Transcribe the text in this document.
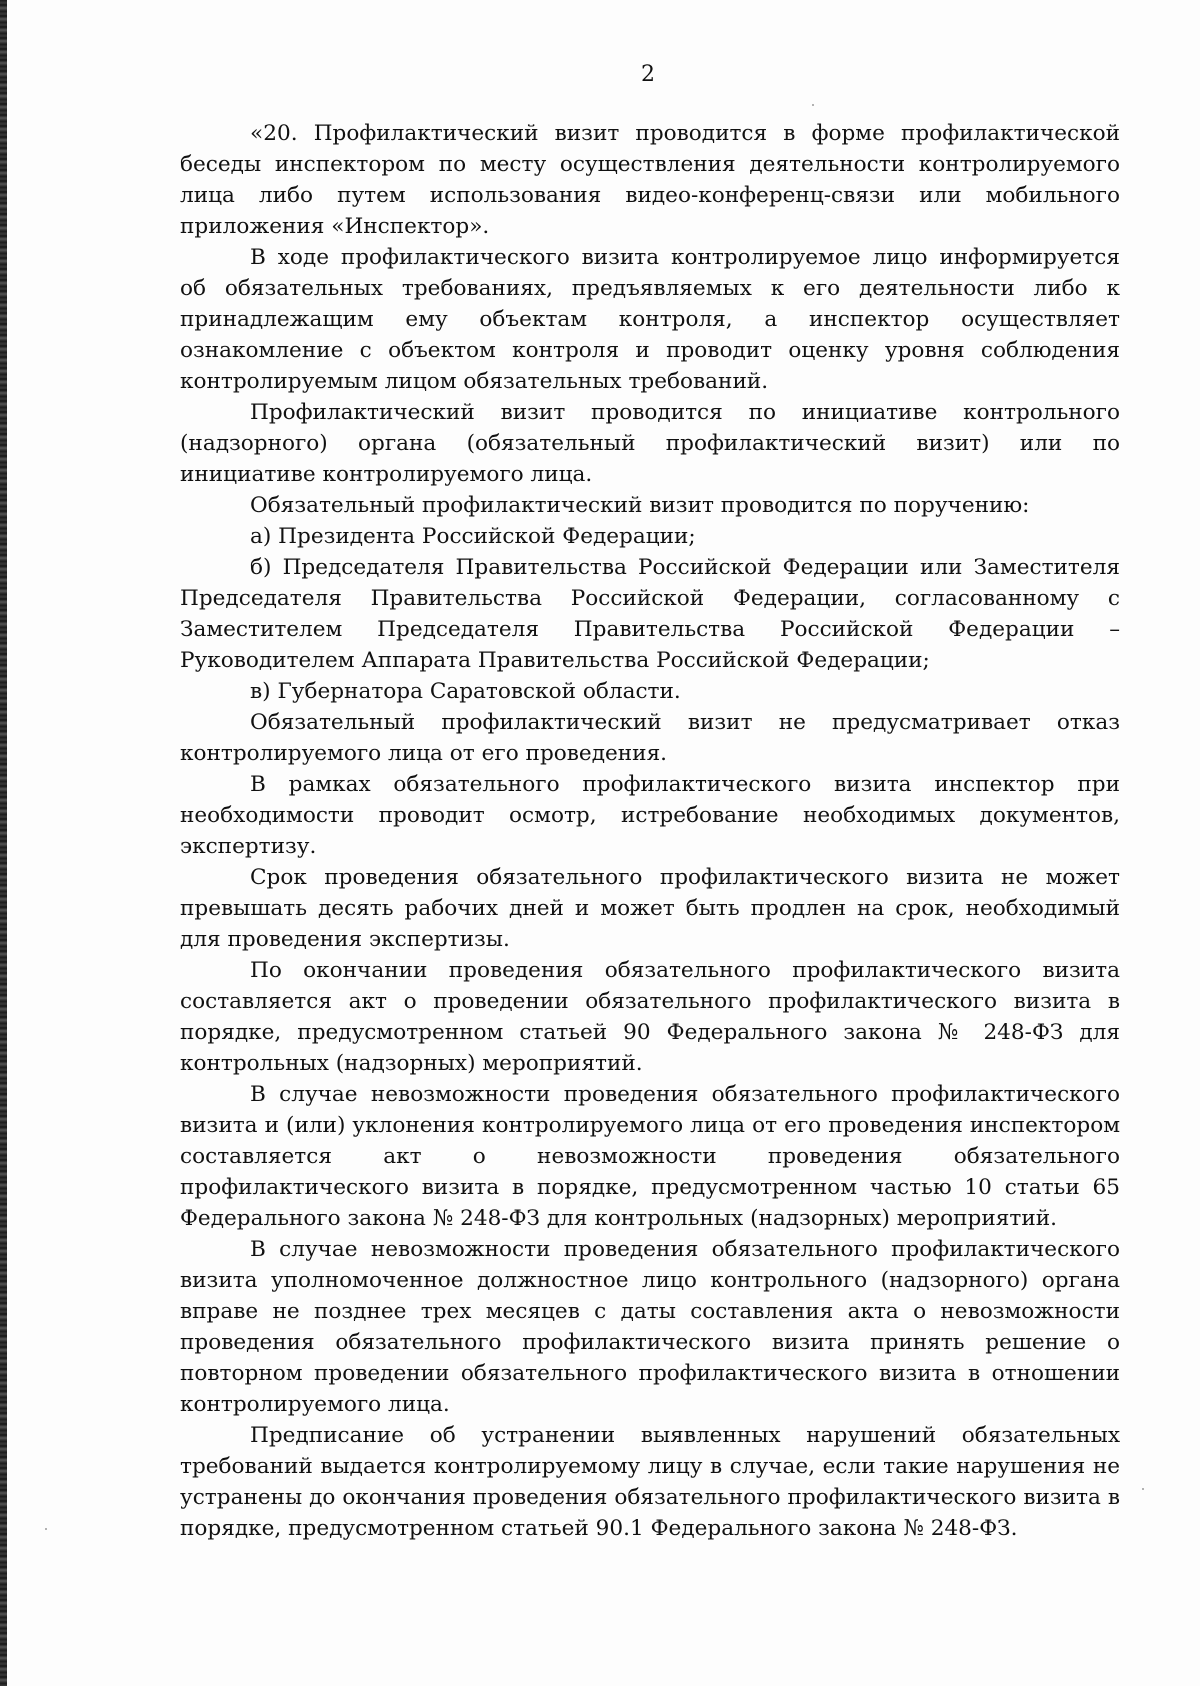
2

«20. Профилактический визит проводится в форме профилактической беседы инспектором по месту осуществления деятельности контролируемого лица либо путем использования видео-конференц-связи или мобильного приложения «Инспектор».

В ходе профилактического визита контролируемое лицо информируется об обязательных требованиях, предъявляемых к его деятельности либо к принадлежащим ему объектам контроля, а инспектор осуществляет ознакомление с объектом контроля и проводит оценку уровня соблюдения контролируемым лицом обязательных требований.

Профилактический визит проводится по инициативе контрольного (надзорного) органа (обязательный профилактический визит) или по инициативе контролируемого лица.

Обязательный профилактический визит проводится по поручению:

а) Президента Российской Федерации;

б) Председателя Правительства Российской Федерации или Заместителя Председателя Правительства Российской Федерации, согласованному с Заместителем Председателя Правительства Российской Федерации – Руководителем Аппарата Правительства Российской Федерации;

в) Губернатора Саратовской области.

Обязательный профилактический визит не предусматривает отказ контролируемого лица от его проведения.

В рамках обязательного профилактического визита инспектор при необходимости проводит осмотр, истребование необходимых документов, экспертизу.

Срок проведения обязательного профилактического визита не может превышать десять рабочих дней и может быть продлен на срок, необходимый для проведения экспертизы.

По окончании проведения обязательного профилактического визита составляется акт о проведении обязательного профилактического визита в порядке, предусмотренном статьей 90 Федерального закона № 248-ФЗ для контрольных (надзорных) мероприятий.

В случае невозможности проведения обязательного профилактического визита и (или) уклонения контролируемого лица от его проведения инспектором составляется акт о невозможности проведения обязательного профилактического визита в порядке, предусмотренном частью 10 статьи 65 Федерального закона № 248-ФЗ для контрольных (надзорных) мероприятий.

В случае невозможности проведения обязательного профилактического визита уполномоченное должностное лицо контрольного (надзорного) органа вправе не позднее трех месяцев с даты составления акта о невозможности проведения обязательного профилактического визита принять решение о повторном проведении обязательного профилактического визита в отношении контролируемого лица.

Предписание об устранении выявленных нарушений обязательных требований выдается контролируемому лицу в случае, если такие нарушения не устранены до окончания проведения обязательного профилактического визита в порядке, предусмотренном статьей 90.1 Федерального закона № 248-ФЗ.
